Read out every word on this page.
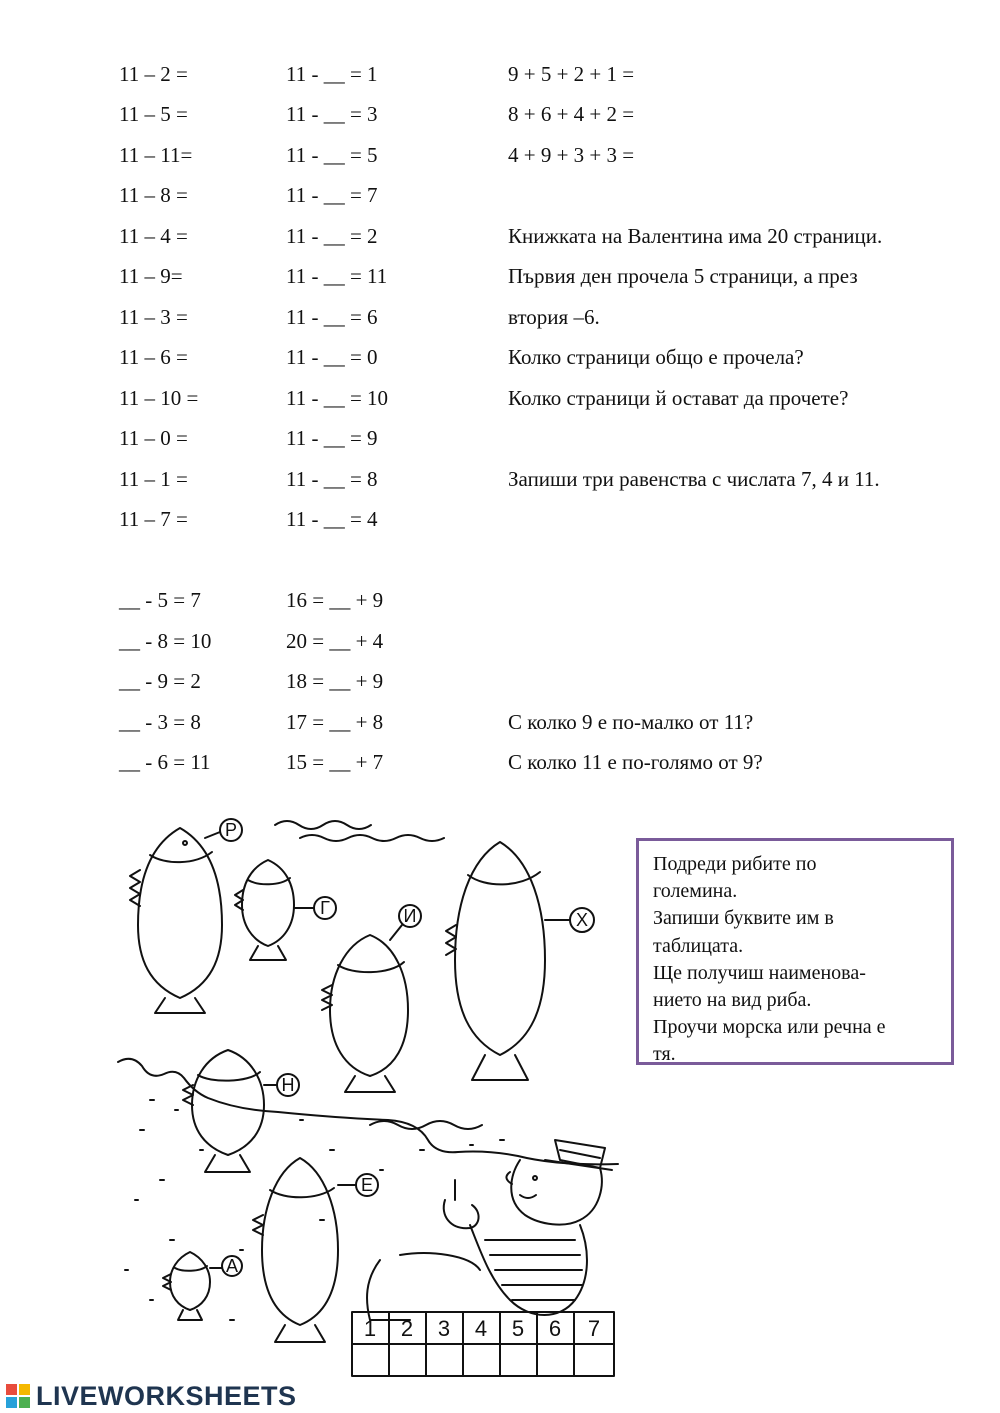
11 – 2 =
11 – 5 =
11 – 11=
11 – 8 =
11 – 4 =
11 – 9=
11 – 3 =
11 – 6 =
11 – 10 =
11 – 0 =
11 – 1 =
11 – 7 =
11 - __ = 1
11 - __ = 3
11 - __ = 5
11 - __ = 7
11 - __ = 2
11 - __ = 11
11 - __ = 6
11 - __ = 0
11 - __ = 10
11 - __ = 9
11 - __ = 8
11 - __ = 4
9 + 5 + 2 + 1 =
8 + 6 + 4 + 2 =
4 + 9 + 3 + 3 =
Книжката на Валентина има 20 страници.
Първия ден прочела 5 страници, а през
втория –6.
Колко страници общо е прочела?
Колко страници й остават да прочете?
Запиши три равенства с числата 7, 4 и 11.
__ - 5 = 7
__ - 8 = 10
__ - 9 = 2
__ - 3 = 8
__ - 6 = 11
16 = __ + 9
20 = __ + 4
18 = __ + 9
17 = __ + 8
15 = __ + 7
С колко 9 е по-малко от 11?
С колко 11 е по-голямо от 9?
Р
Г	И	Х
Н
Е
А
1 2 3 4 5 6 7

Подреди рибите по

големина.

Запиши буквите им в

таблицата.

Ще получиш наименова-

нието на вид риба.

Проучи морска или речна е

тя.

LIVEWORKSHEETS
